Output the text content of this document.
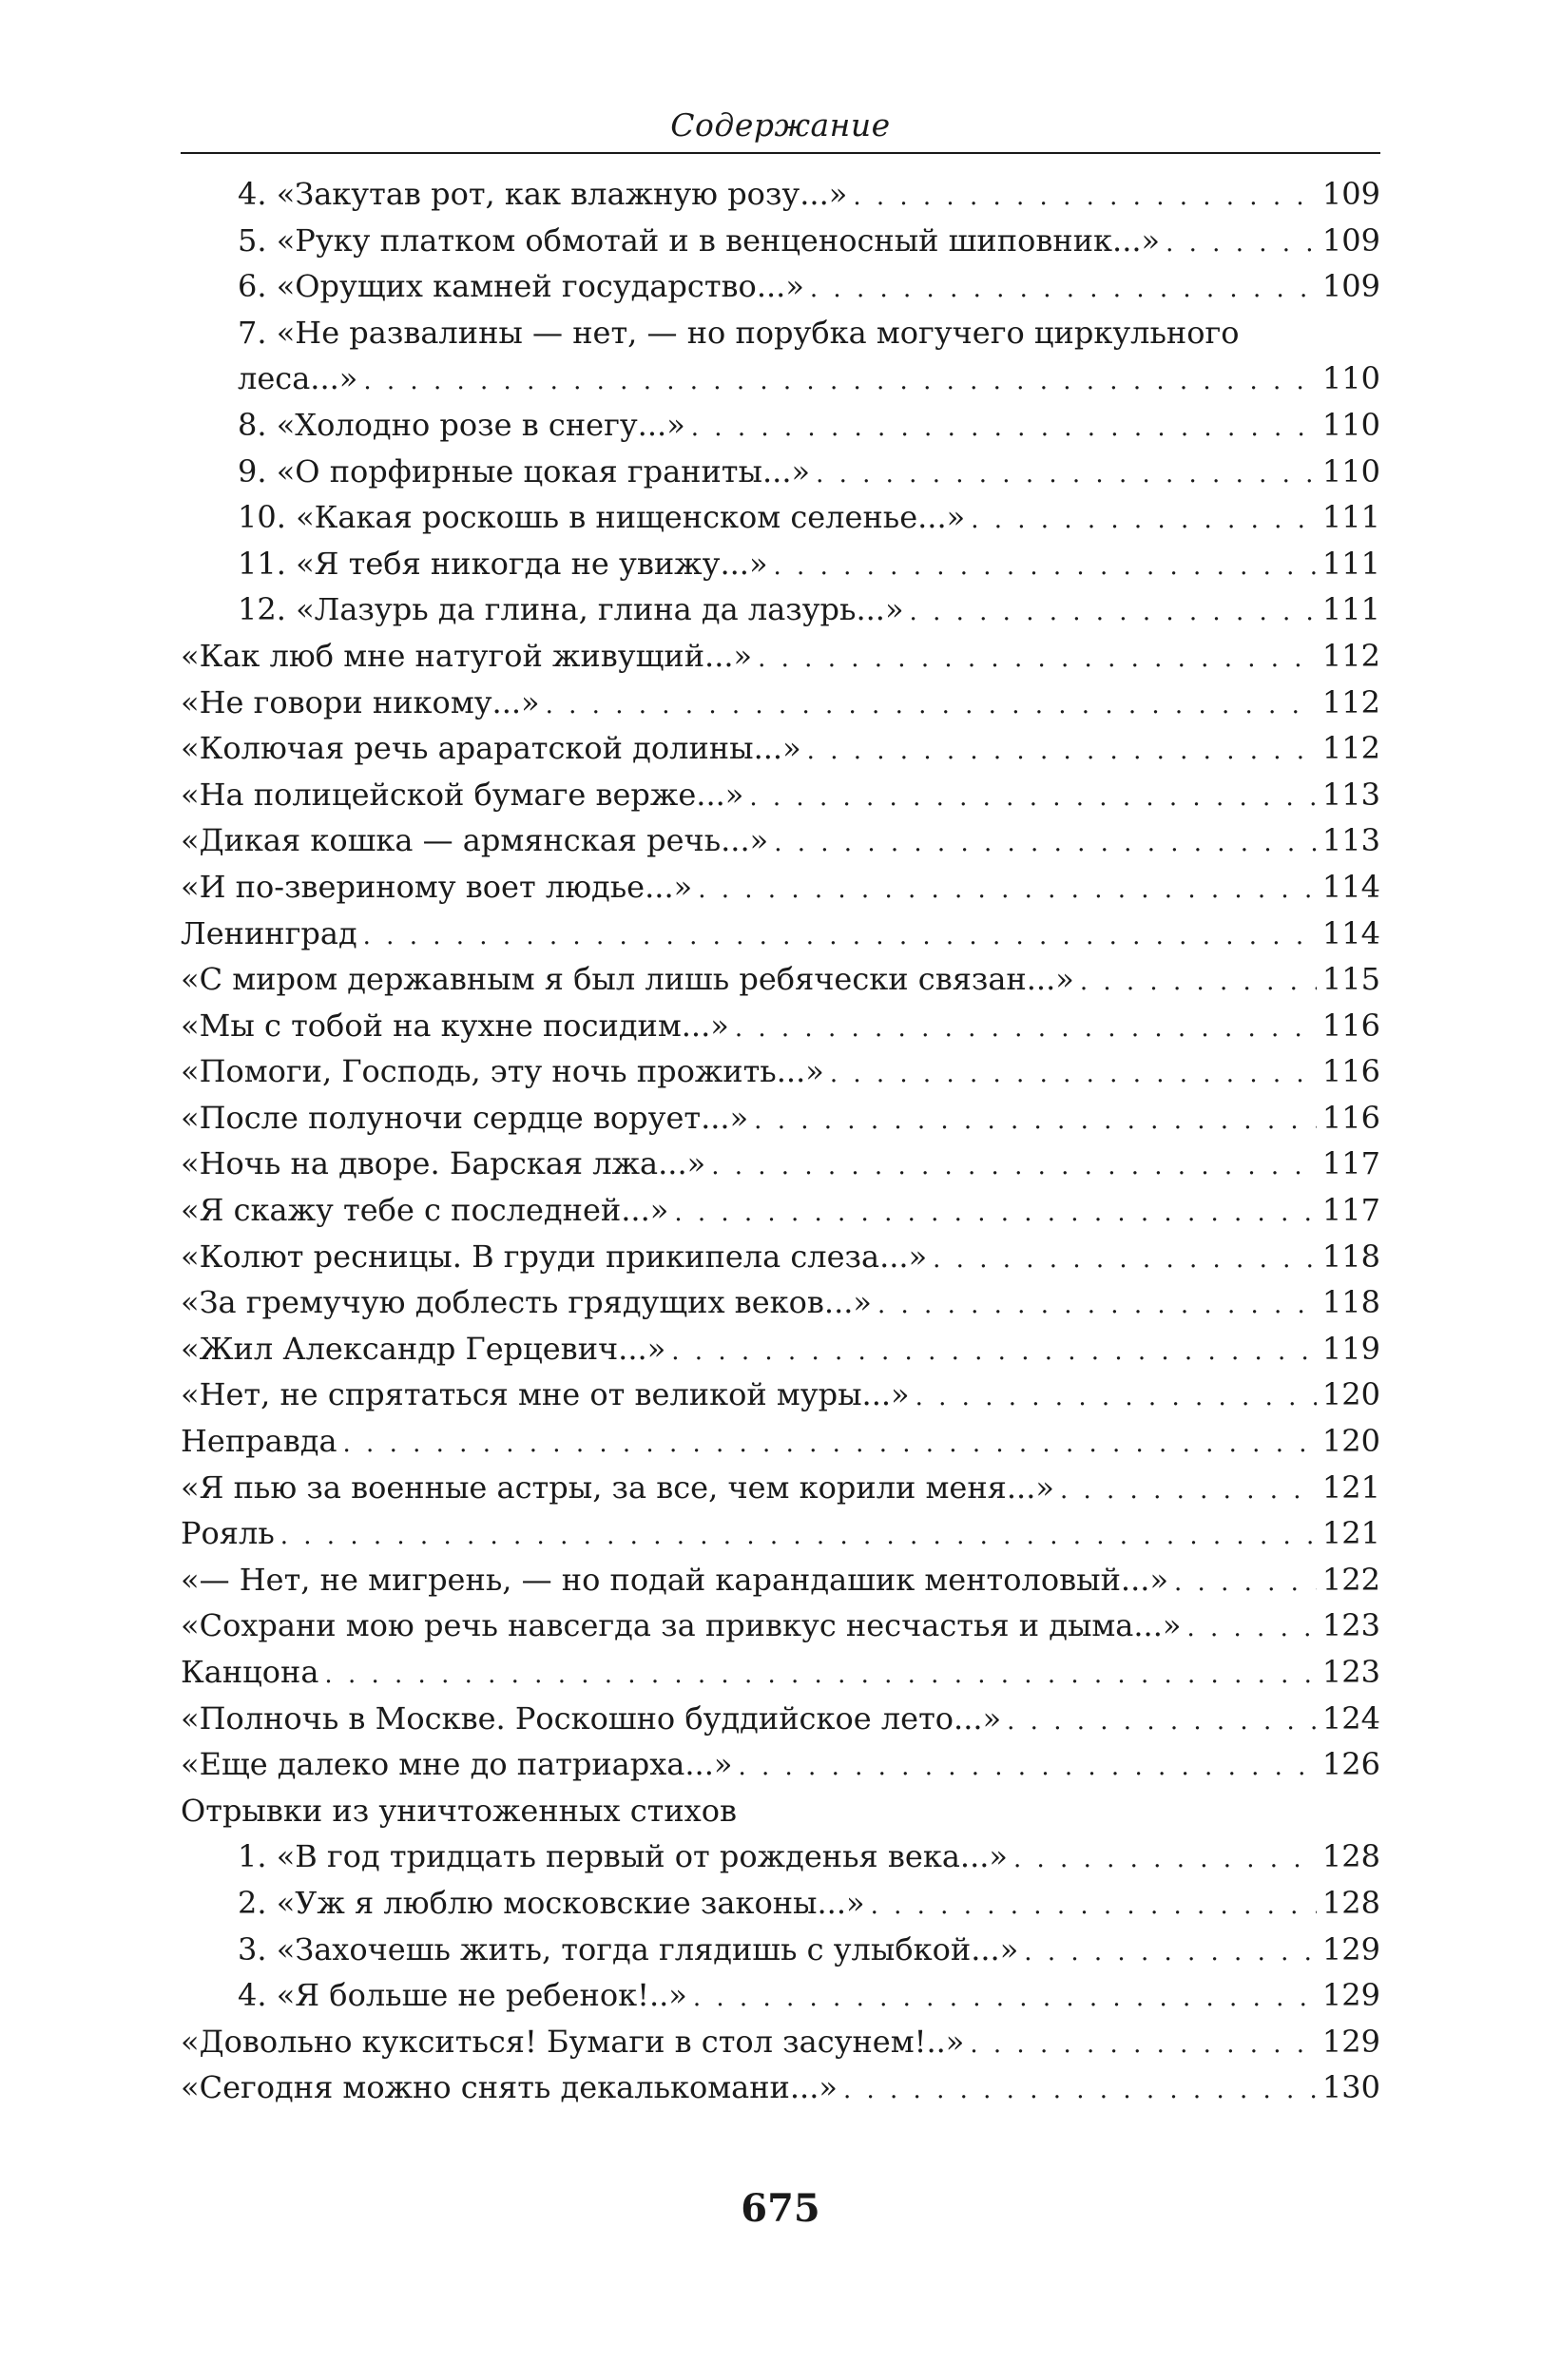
Содержание
4. «Закутав рот, как влажную розу...» . . .	109
5. «Руку платком обмотай и в венценосный шиповник...» . . .	109
6. «Орущих камней государство...» . . .	109
7. «Не развалины — нет, — но порубка могучего циркульного
леса...» . . .	110
8. «Холодно розе в снегу...» . . .	110
9. «О порфирные цокая граниты...» . . .	110
10. «Какая роскошь в нищенском селенье...» . . .	111
11. «Я тебя никогда не увижу...» . . .	111
12. «Лазурь да глина, глина да лазурь...» . . .	111
«Как люб мне натугой живущий...» . . .	112
«Не говори никому...» . . .	112
«Колючая речь араратской долины...» . . .	112
«На полицейской бумаге верже...» . . .	113
«Дикая кошка — армянская речь...» . . .	113
«И по-звериному воет людье...» . . .	114
Ленинград . . .	114
«С миром державным я был лишь ребячески связан...» . . .	115
«Мы с тобой на кухне посидим...» . . .	116
«Помоги, Господь, эту ночь прожить...» . . .	116
«После полуночи сердце ворует...» . . .	116
«Ночь на дворе. Барская лжа...» . . .	117
«Я скажу тебе с последней...» . . .	117
«Колют ресницы. В груди прикипела слеза...» . . .	118
«За гремучую доблесть грядущих веков...» . . .	118
«Жил Александр Герцевич...» . . .	119
«Нет, не спрятаться мне от великой муры...» . . .	120
Неправда . . .	120
«Я пью за военные астры, за все, чем корили меня...» . . .	121
Рояль . . .	121
«— Нет, не мигрень, — но подай карандашик ментоловый...» . . .	122
«Сохрани мою речь навсегда за привкус несчастья и дыма...» . . .	123
Канцона . . .	123
«Полночь в Москве. Роскошно буддийское лето...» . . .	124
«Еще далеко мне до патриарха...» . . .	126
Отрывки из уничтоженных стихов
1. «В год тридцать первый от рожденья века...» . . .	128
2. «Уж я люблю московские законы...» . . .	128
3. «Захочешь жить, тогда глядишь с улыбкой...» . . .	129
4. «Я больше не ребенок!..» . . .	129
«Довольно кукситься! Бумаги в стол засунем!..» . . .	129
«Сегодня можно снять декалькомани...» . . .	130
675
